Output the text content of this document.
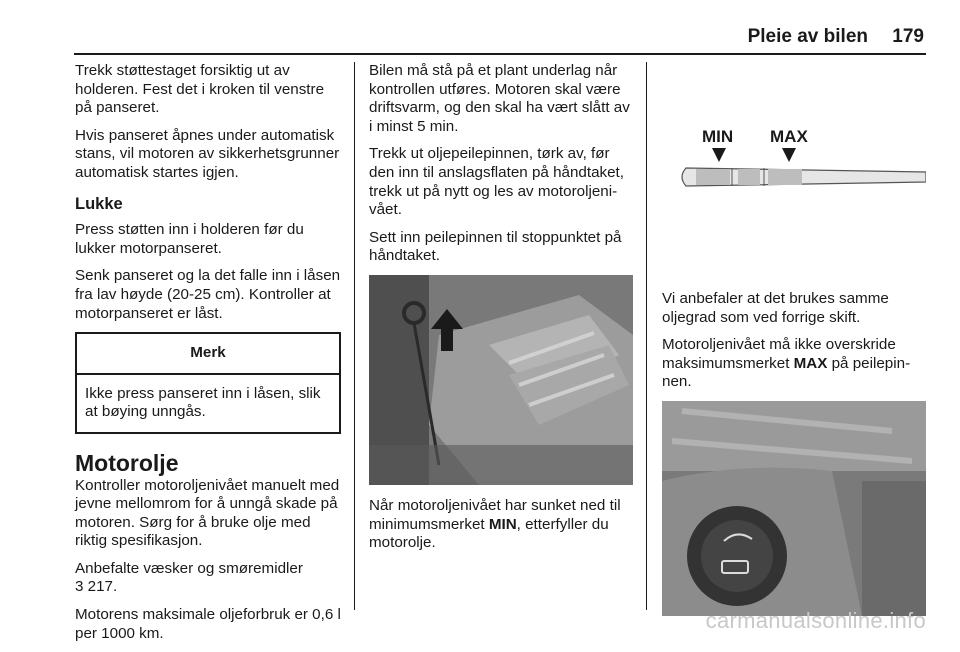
Pleie av bilen 179

Trekk støttestaget forsiktig ut av holderen. Fest det i kroken til venstre på panseret.

Hvis panseret åpnes under automatisk stans, vil motoren av sikkerhetsgrunner automatisk startes igjen.

Lukke

Press støtten inn i holderen før du lukker motorpanseret.

Senk panseret og la det falle inn i låsen fra lav høyde (20-25 cm). Kontroller at motorpanseret er låst.

Merk
Ikke press panseret inn i låsen, slik at bøying unngås.
Motorolje

Kontroller motoroljenivået manuelt med jevne mellomrom for å unngå skade på motoren. Sørg for å bruke olje med riktig spesifikasjon.

Anbefalte væsker og smøremidler
3 217.

Motorens maksimale oljeforbruk er 0,6 l per 1000 km.

Bilen må stå på et plant underlag når kontrollen utføres. Motoren skal være driftsvarm, og den skal ha vært slått av i minst 5 min.

Trekk ut oljepeilepinnen, tørk av, før den inn til anslagsflaten på håndtaket, trekk ut på nytt og les av motoroljenivået.

Sett inn peilepinnen til stoppunktet på håndtaket.

Når motoroljenivået har sunket ned til minimumsmerket MIN, etterfyller du motorolje.

MIN MAX

Vi anbefaler at det brukes samme oljegrad som ved forrige skift.

Motoroljenivået må ikke overskride maksimumsmerket MAX på peilepinnen.

carmanualsonline.info
